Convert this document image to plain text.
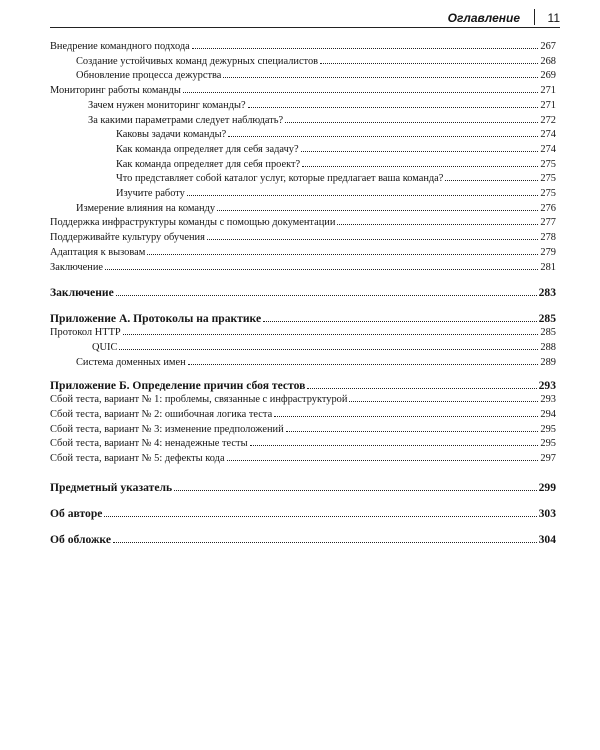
Оглавление 11
Внедрение командного подхода	267
Создание устойчивых команд дежурных специалистов	268
Обновление процесса дежурства	269
Мониторинг работы команды	271
Зачем нужен мониторинг команды?	271
За какими параметрами следует наблюдать?	272
Каковы задачи команды?	274
Как команда определяет для себя задачу?	274
Как команда определяет для себя проект?	275
Что представляет собой каталог услуг, которые предлагает ваша команда?	275
Изучите работу	275
Измерение влияния на команду	276
Поддержка инфраструктуры команды с помощью документации	277
Поддерживайте культуру обучения	278
Адаптация к вызовам	279
Заключение	281
Заключение	283
Приложение А. Протоколы на практике	285
Протокол HTTP	285
QUIC	288
Система доменных имен	289
Приложение Б. Определение причин сбоя тестов	293
Сбой теста, вариант № 1: проблемы, связанные с инфраструктурой	293
Сбой теста, вариант № 2: ошибочная логика теста	294
Сбой теста, вариант № 3: изменение предположений	295
Сбой теста, вариант № 4: ненадежные тесты	295
Сбой теста, вариант № 5: дефекты кода	297
Предметный указатель	299
Об авторе	303
Об обложке	304
